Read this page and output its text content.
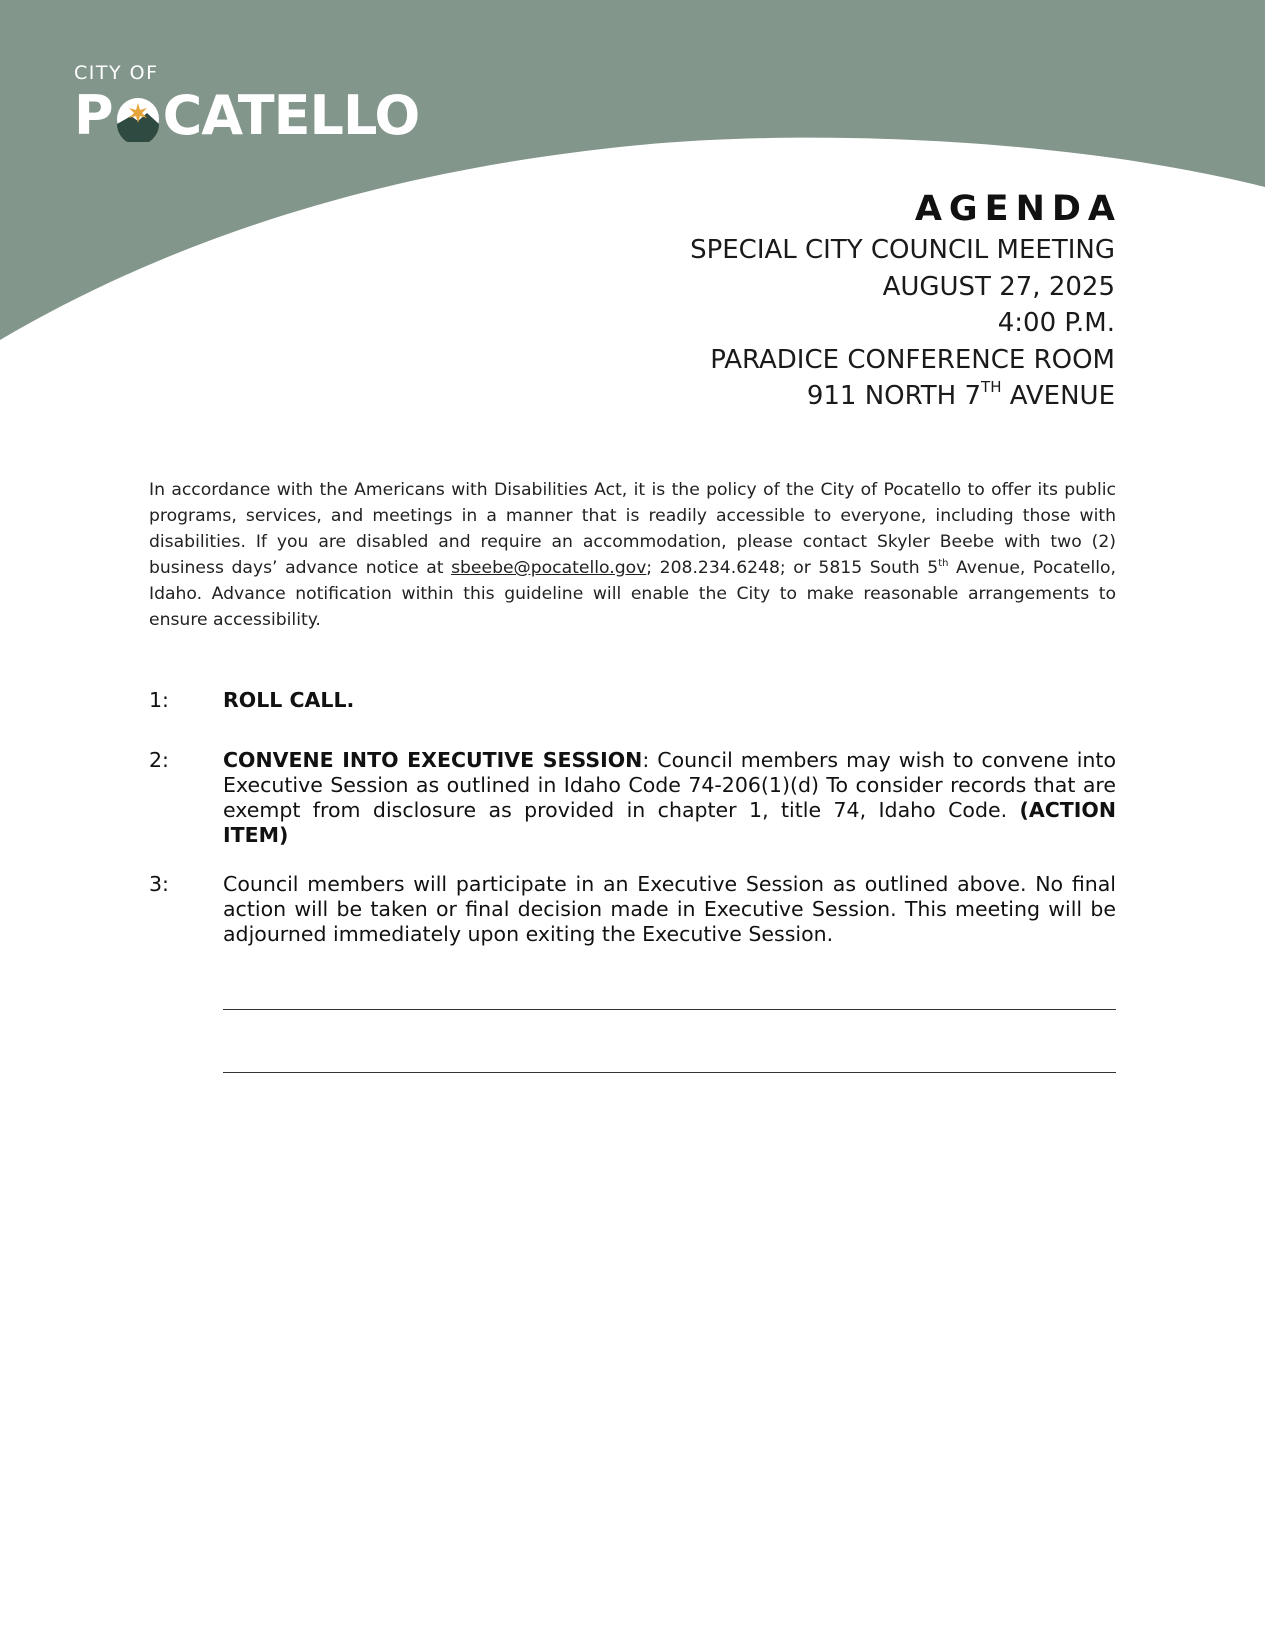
CITY OF
P CATELLO
AGENDA
SPECIAL CITY COUNCIL MEETING
AUGUST 27, 2025
4:00 P.M.
PARADICE CONFERENCE ROOM
911 NORTH 7TH AVENUE
In accordance with the Americans with Disabilities Act, it is the policy of the City of Pocatello to offer its public programs, services, and meetings in a manner that is readily accessible to everyone, including those with disabilities. If you are disabled and require an accommodation, please contact Skyler Beebe with two (2) business days’ advance notice at sbeebe@pocatello.gov; 208.234.6248; or 5815 South 5th Avenue, Pocatello, Idaho. Advance notification within this guideline will enable the City to make reasonable arrangements to ensure accessibility.
1:	ROLL CALL.
2:	CONVENE INTO EXECUTIVE SESSION: Council members may wish to convene into Executive Session as outlined in Idaho Code 74-206(1)(d) To consider records that are exempt from disclosure as provided in chapter 1, title 74, Idaho Code. (ACTION ITEM)
3:	Council members will participate in an Executive Session as outlined above. No final action will be taken or final decision made in Executive Session. This meeting will be adjourned immediately upon exiting the Executive Session.
